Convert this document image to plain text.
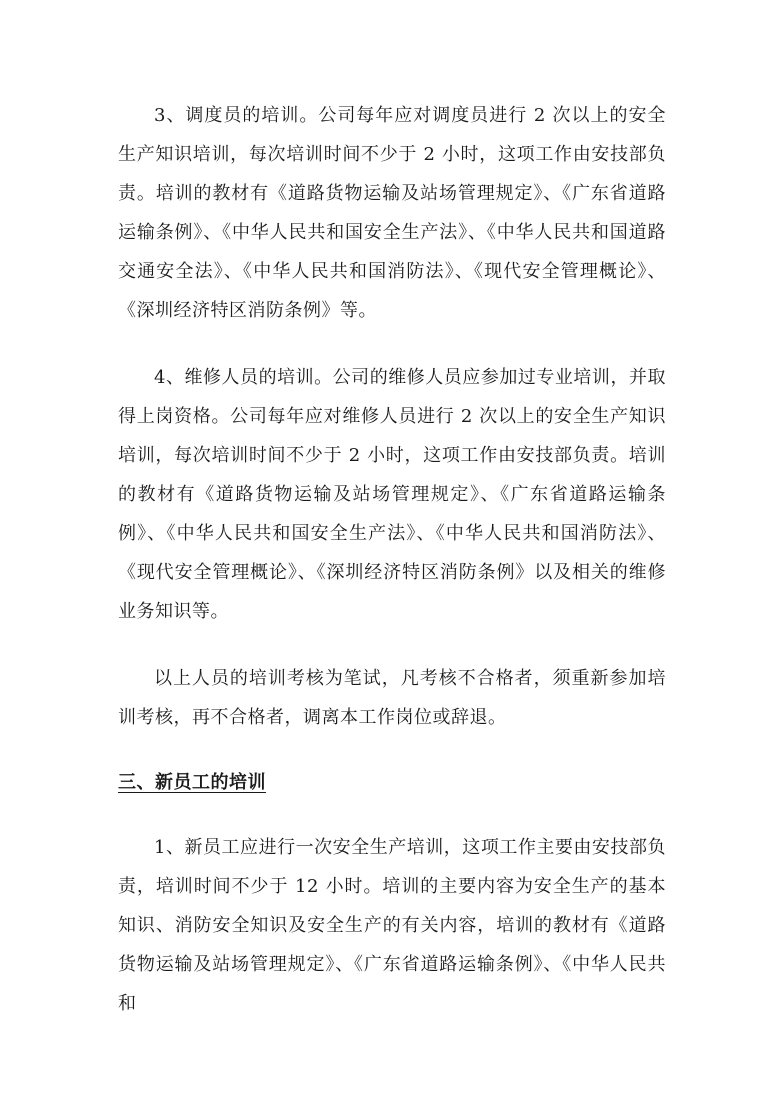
3、调度员的培训。公司每年应对调度员进行 2 次以上的安全生产知识培训，每次培训时间不少于 2 小时，这项工作由安技部负责。培训的教材有《道路货物运输及站场管理规定》、《广东省道路运输条例》、《中华人民共和国安全生产法》、《中华人民共和国道路交通安全法》、《中华人民共和国消防法》、《现代安全管理概论》、《深圳经济特区消防条例》等。

4、维修人员的培训。公司的维修人员应参加过专业培训，并取得上岗资格。公司每年应对维修人员进行 2 次以上的安全生产知识培训，每次培训时间不少于 2 小时，这项工作由安技部负责。培训的教材有《道路货物运输及站场管理规定》、《广东省道路运输条例》、《中华人民共和国安全生产法》、《中华人民共和国消防法》、《现代安全管理概论》、《深圳经济特区消防条例》以及相关的维修业务知识等。

以上人员的培训考核为笔试，凡考核不合格者，须重新参加培训考核，再不合格者，调离本工作岗位或辞退。

三、新员工的培训

1、新员工应进行一次安全生产培训，这项工作主要由安技部负责，培训时间不少于 12 小时。培训的主要内容为安全生产的基本知识、消防安全知识及安全生产的有关内容，培训的教材有《道路货物运输及站场管理规定》、《广东省道路运输条例》、《中华人民共和
